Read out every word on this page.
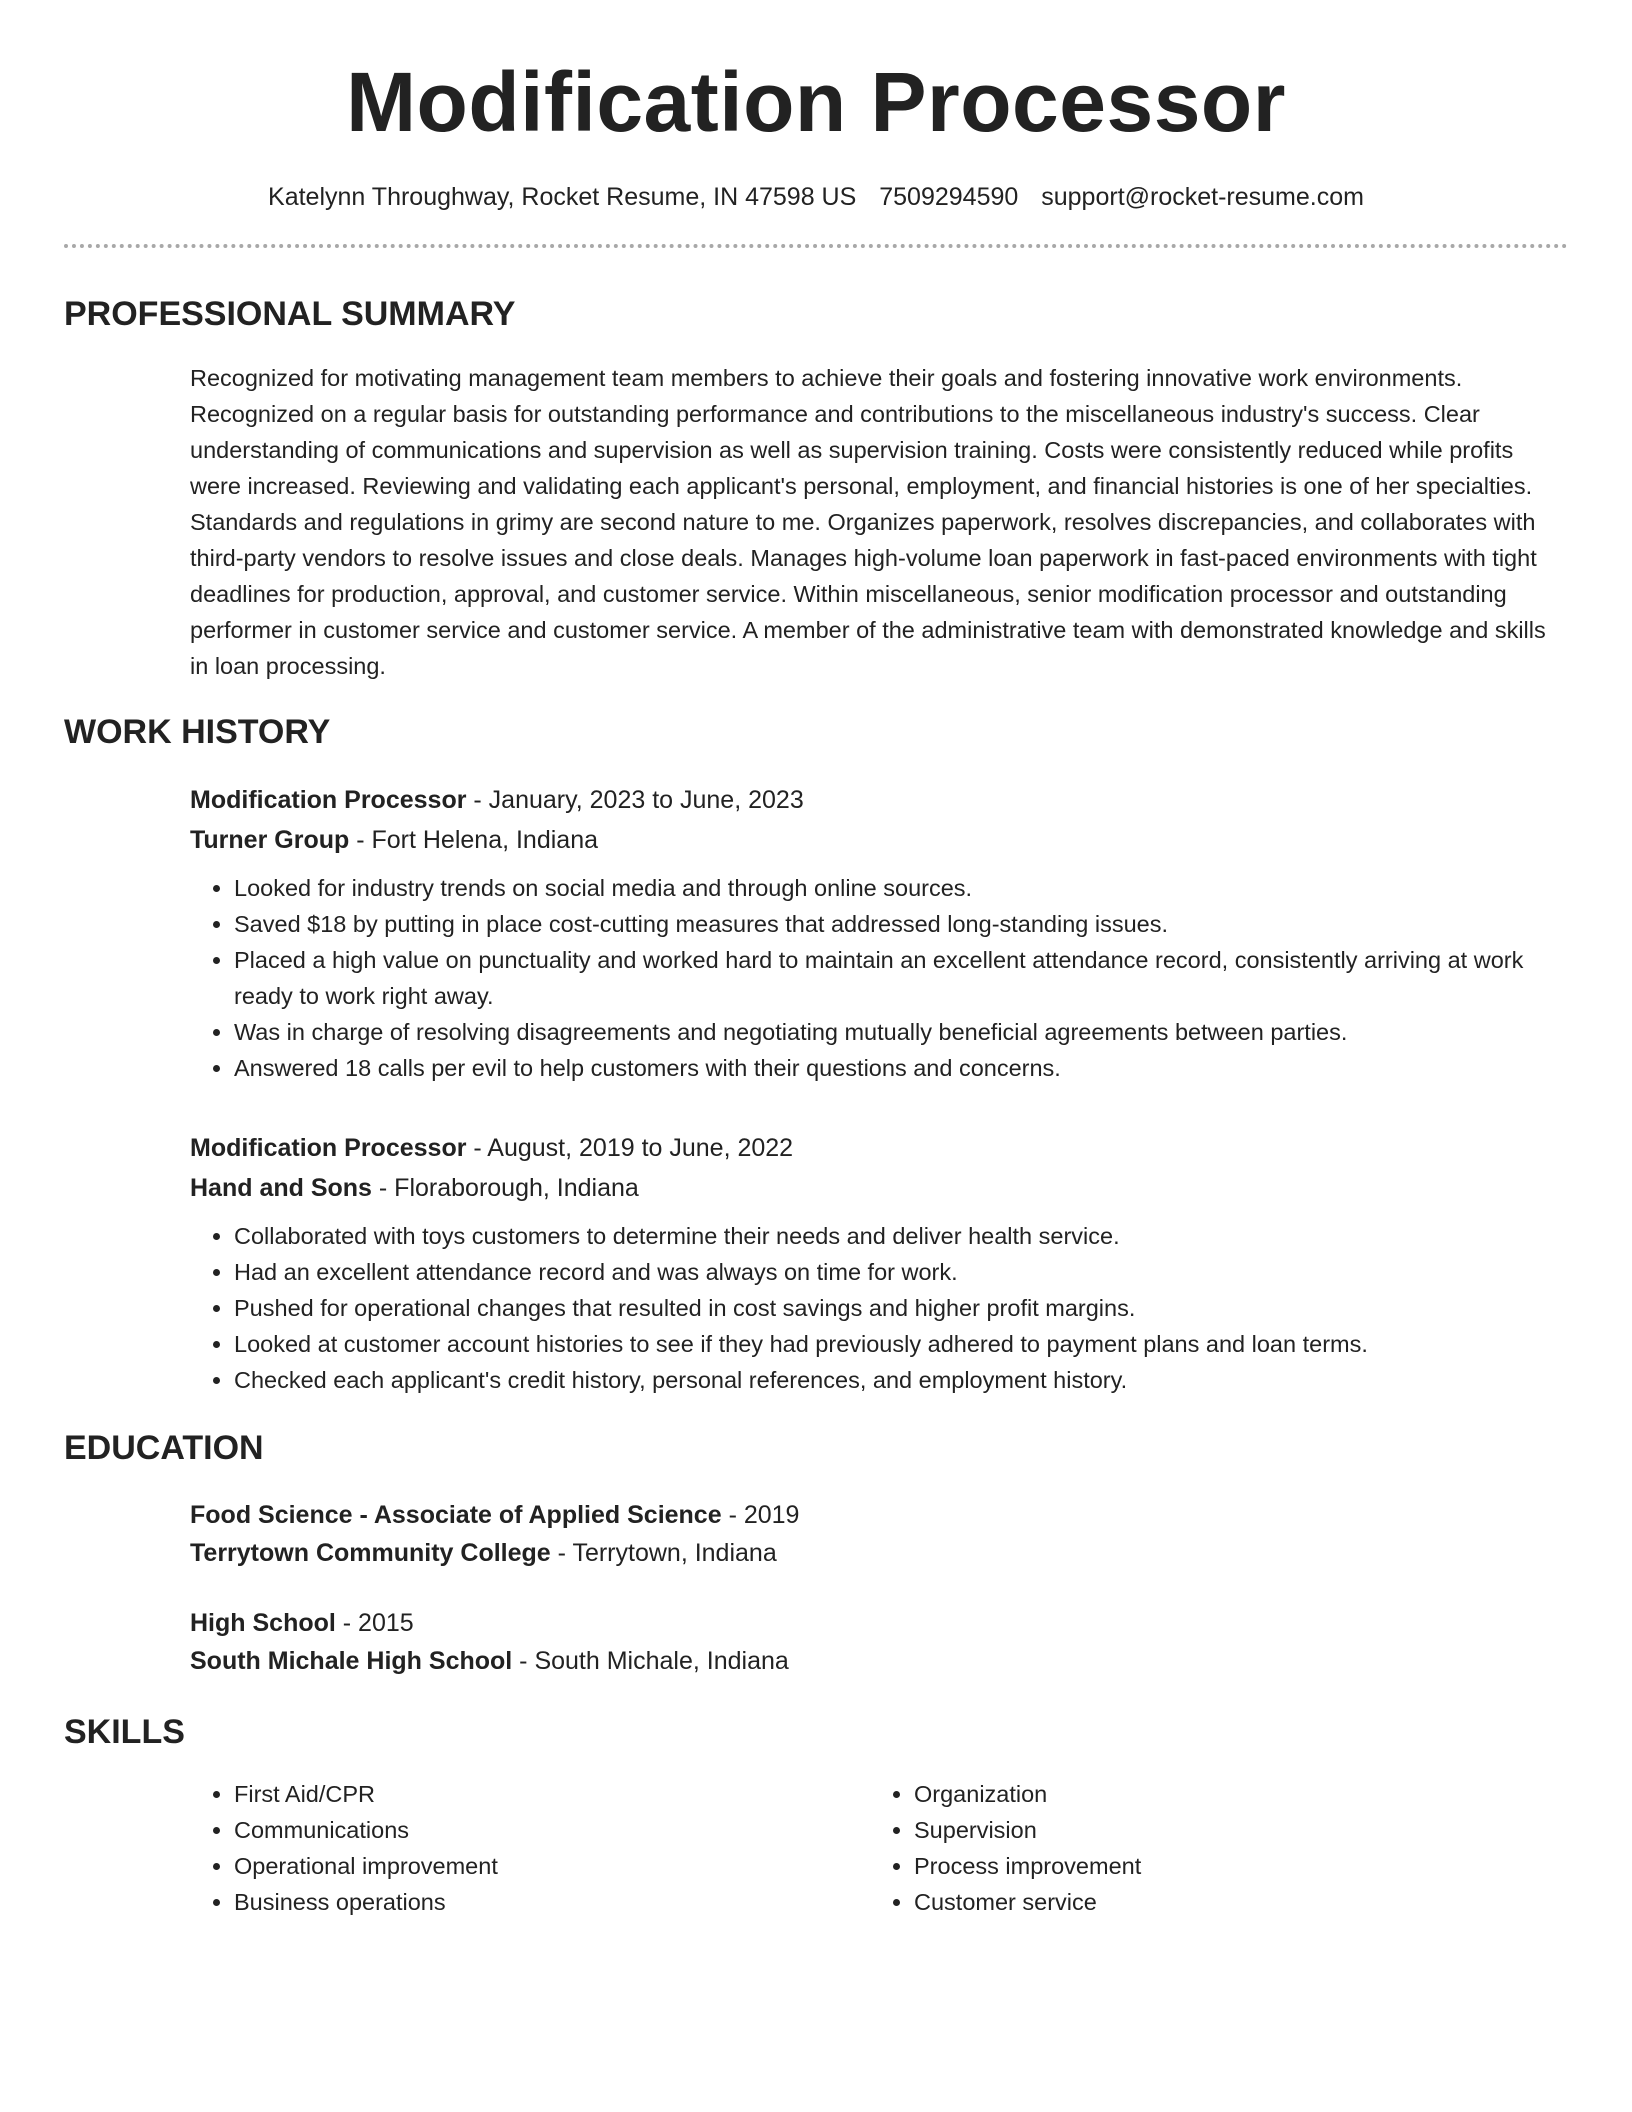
Modification Processor
Katelynn Throughway, Rocket Resume, IN 47598 US 7509294590 support@rocket-resume.com
PROFESSIONAL SUMMARY
Recognized for motivating management team members to achieve their goals and fostering innovative work environments. Recognized on a regular basis for outstanding performance and contributions to the miscellaneous industry's success. Clear understanding of communications and supervision as well as supervision training. Costs were consistently reduced while profits were increased. Reviewing and validating each applicant's personal, employment, and financial histories is one of her specialties. Standards and regulations in grimy are second nature to me. Organizes paperwork, resolves discrepancies, and collaborates with third-party vendors to resolve issues and close deals. Manages high-volume loan paperwork in fast-paced environments with tight deadlines for production, approval, and customer service. Within miscellaneous, senior modification processor and outstanding performer in customer service and customer service. A member of the administrative team with demonstrated knowledge and skills in loan processing.
WORK HISTORY
Modification Processor - January, 2023 to June, 2023
Turner Group - Fort Helena, Indiana
• Looked for industry trends on social media and through online sources.
• Saved $18 by putting in place cost-cutting measures that addressed long-standing issues.
• Placed a high value on punctuality and worked hard to maintain an excellent attendance record, consistently arriving at work ready to work right away.
• Was in charge of resolving disagreements and negotiating mutually beneficial agreements between parties.
• Answered 18 calls per evil to help customers with their questions and concerns.
Modification Processor - August, 2019 to June, 2022
Hand and Sons - Floraborough, Indiana
• Collaborated with toys customers to determine their needs and deliver health service.
• Had an excellent attendance record and was always on time for work.
• Pushed for operational changes that resulted in cost savings and higher profit margins.
• Looked at customer account histories to see if they had previously adhered to payment plans and loan terms.
• Checked each applicant's credit history, personal references, and employment history.
EDUCATION
Food Science - Associate of Applied Science - 2019
Terrytown Community College - Terrytown, Indiana
High School - 2015
South Michale High School - South Michale, Indiana
SKILLS
• First Aid/CPR
• Communications
• Operational improvement
• Business operations
• Organization
• Supervision
• Process improvement
• Customer service
